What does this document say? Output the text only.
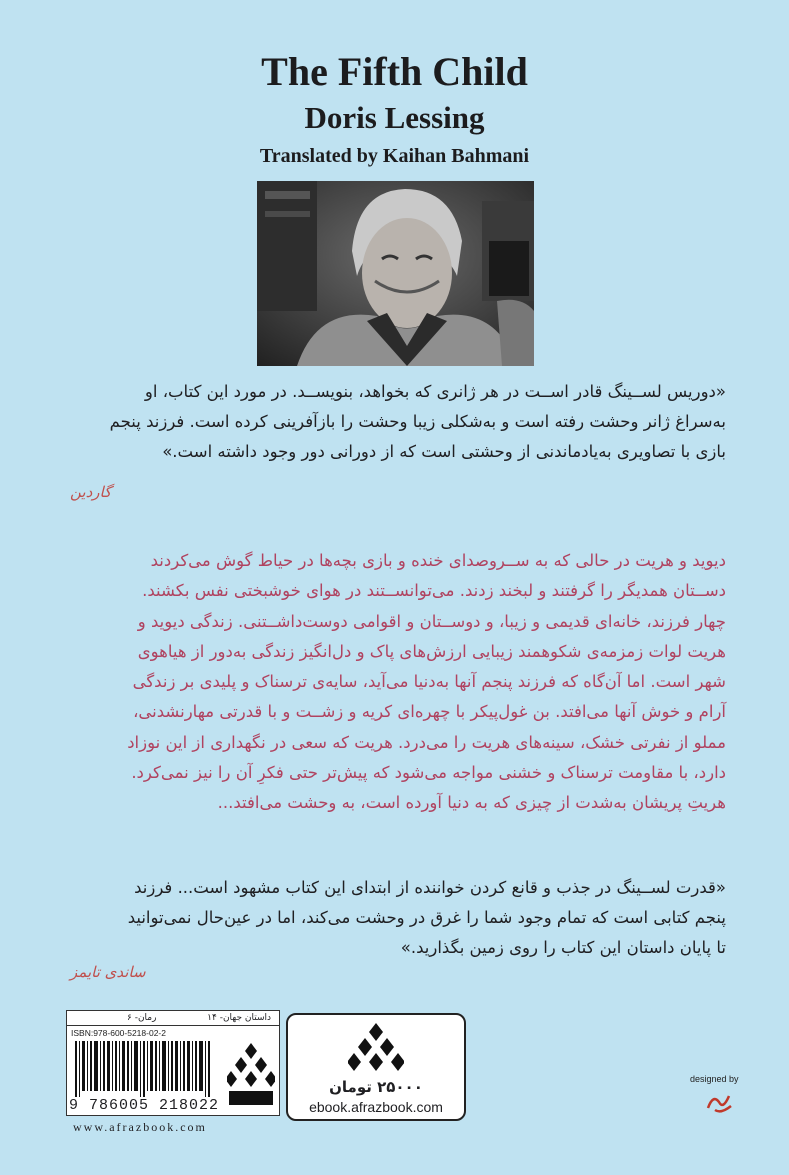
The Fifth Child
Doris Lessing
Translated by Kaihan Bahmani
«دوریس لســینگ قادر اســت در هر ژانری که بخواهد، بنویســد. در مورد این کتاب، او
به‌سراغ ژانر وحشت رفته است و به‌شکلی زیبا وحشت را بازآفرینی کرده است. فرزند پنجم
بازی با تصاویری به‌یادماندنی از وحشتی است که از دورانی دور وجود داشته است.»
گاردین
دیوید و هریت در حالی که به ســروصدای خنده و بازی بچه‌ها در حیاط گوش می‌کردند
دســتان همدیگر را گرفتند و لبخند زدند. می‌توانســتند در هوای خوشبختی نفس بکشند.
چهار فرزند، خانه‌ای قدیمی و زیبا، و دوســتان و اقوامی دوست‌داشــتنی. زندگی دیوید و
هریت لوات زمزمه‌ی شکوهمند زیبایی ارزش‌های پاک و دل‌انگیز زندگی به‌دور از هیاهوی
شهر است. اما آن‌گاه که فرزند پنجم آنها به‌دنیا می‌آید، سایه‌ی ترسناک و پلیدی بر زندگی
آرام و خوش آنها می‌افتد. بن غول‌پیکر با چهره‌ای کریه و زشــت و با قدرتی مهارنشدنی،
مملو از نفرتی خشک، سینه‌های هریت را می‌درد. هریت که سعی در نگهداری از این نوزاد
دارد، با مقاومت ترسناک و خشنی مواجه می‌شود که پیش‌تر حتی فکرِ آن را نیز نمی‌کرد.
هریتِ پریشان به‌شدت از چیزی که به دنیا آورده است، به وحشت می‌افتد...
«قدرت لســینگ در جذب و قانع کردن خواننده از ابتدای این کتاب مشهود است... فرزند
پنجم کتابی است که تمام وجود شما را غرق در وحشت می‌کند، اما در عین‌حال نمی‌توانید
تا پایان داستان این کتاب را روی زمین بگذارید.»
ساندی تایمز
داستان جهان- ۱۴
رمان- ۶
ISBN:978-600-5218-02-2
9 786005 218022
www.afrazbook.com
۲۵۰۰۰ تومان
ebook.afrazbook.com
designed by
